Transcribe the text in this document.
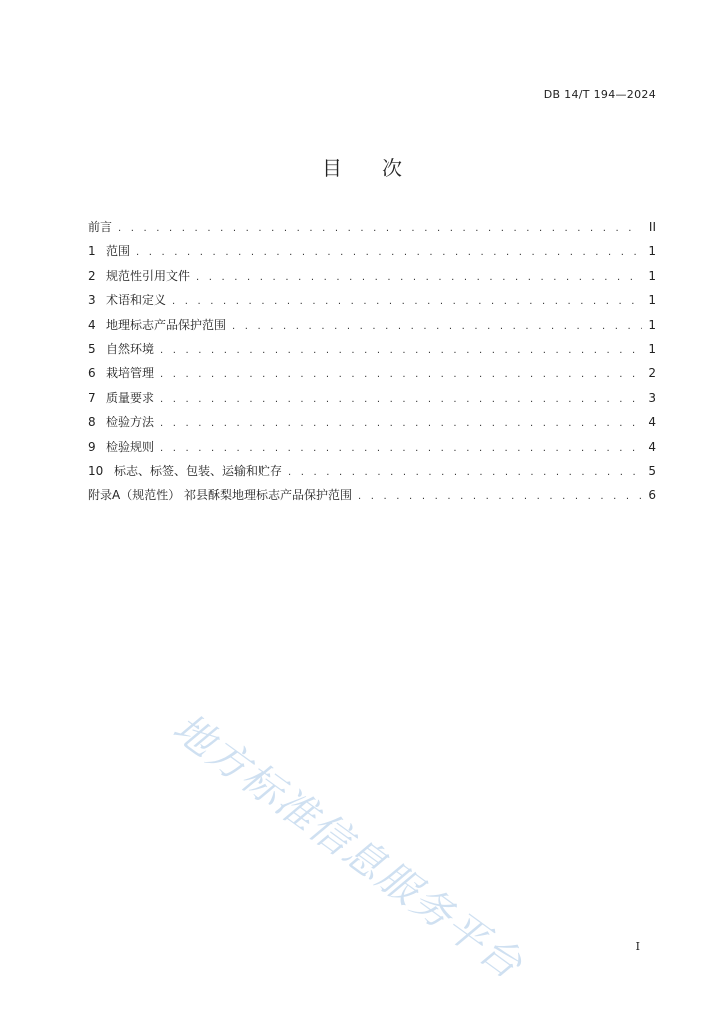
DB 14/T 194—2024
目次
前言 . . .	II
1 范围 . . .	1
2 规范性引用文件 . . .	1
3 术语和定义 . . .	1
4 地理标志产品保护范围 . . .	1
5 自然环境 . . .	1
6 栽培管理 . . .	2
7 质量要求 . . .	3
8 检验方法 . . .	4
9 检验规则 . . .	4
10 标志、标签、包装、运输和贮存 . . .	5
附录A（规范性） 祁县酥梨地理标志产品保护范围 . . .	6
地方标准信息服务平台	I
